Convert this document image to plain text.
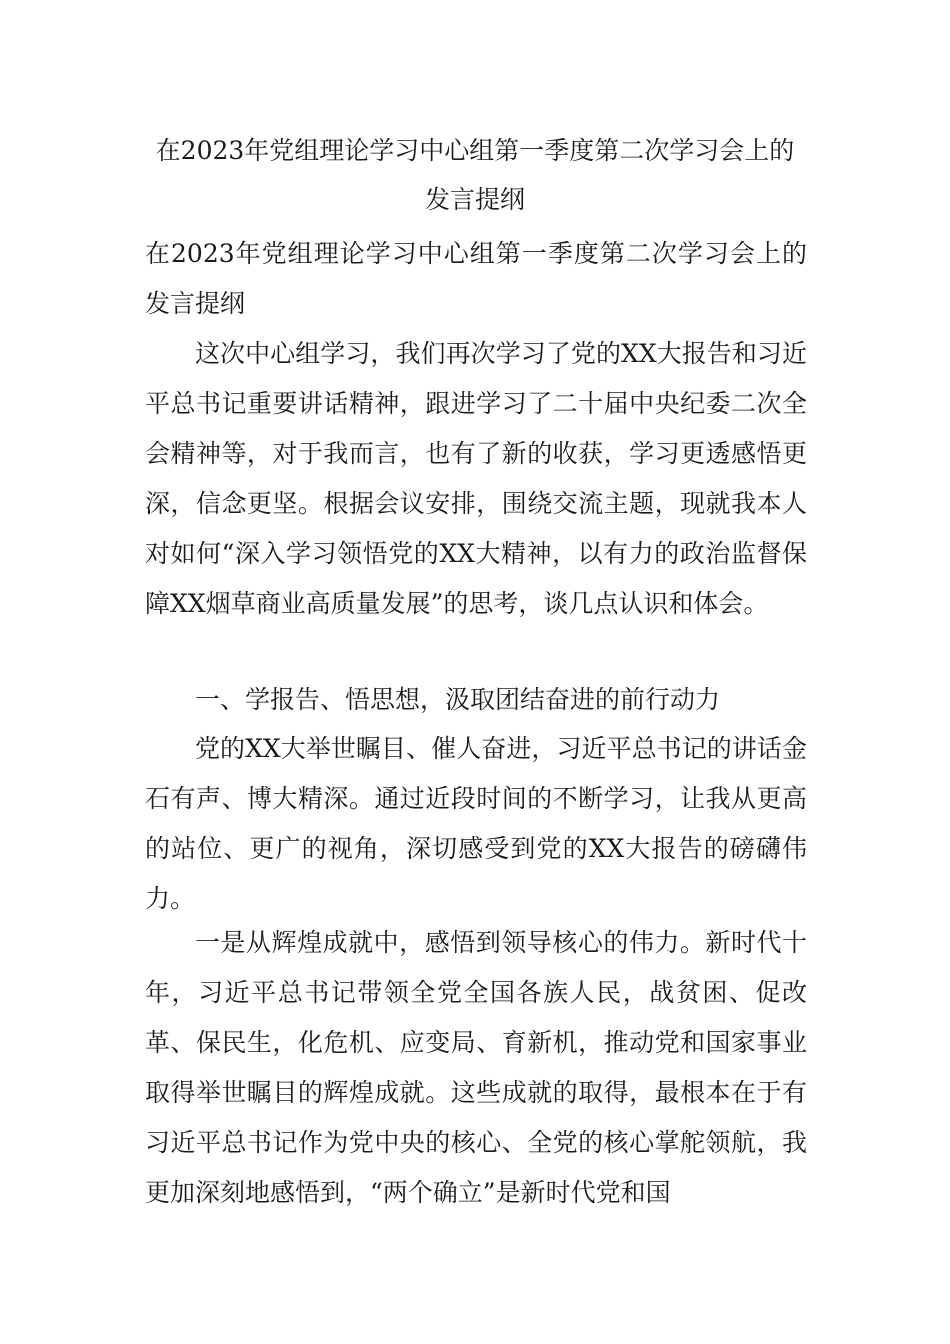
在2023年党组理论学习中心组第一季度第二次学习会上的
发言提纲

在2023年党组理论学习中心组第一季度第二次学习会上的发言提纲

这次中心组学习，我们再次学习了党的XX大报告和习近平总书记重要讲话精神，跟进学习了二十届中央纪委二次全会精神等，对于我而言，也有了新的收获，学习更透感悟更深，信念更坚。根据会议安排，围绕交流主题，现就我本人对如何“深入学习领悟党的XX大精神，以有力的政治监督保障XX烟草商业高质量发展”的思考，谈几点认识和体会。

一、学报告、悟思想，汲取团结奋进的前行动力

党的XX大举世瞩目、催人奋进，习近平总书记的讲话金石有声、博大精深。通过近段时间的不断学习，让我从更高的站位、更广的视角，深切感受到党的XX大报告的磅礴伟力。

一是从辉煌成就中，感悟到领导核心的伟力。新时代十年，习近平总书记带领全党全国各族人民，战贫困、促改革、保民生，化危机、应变局、育新机，推动党和国家事业取得举世瞩目的辉煌成就。这些成就的取得，最根本在于有习近平总书记作为党中央的核心、全党的核心掌舵领航，我更加深刻地感悟到，“两个确立”是新时代党和国
